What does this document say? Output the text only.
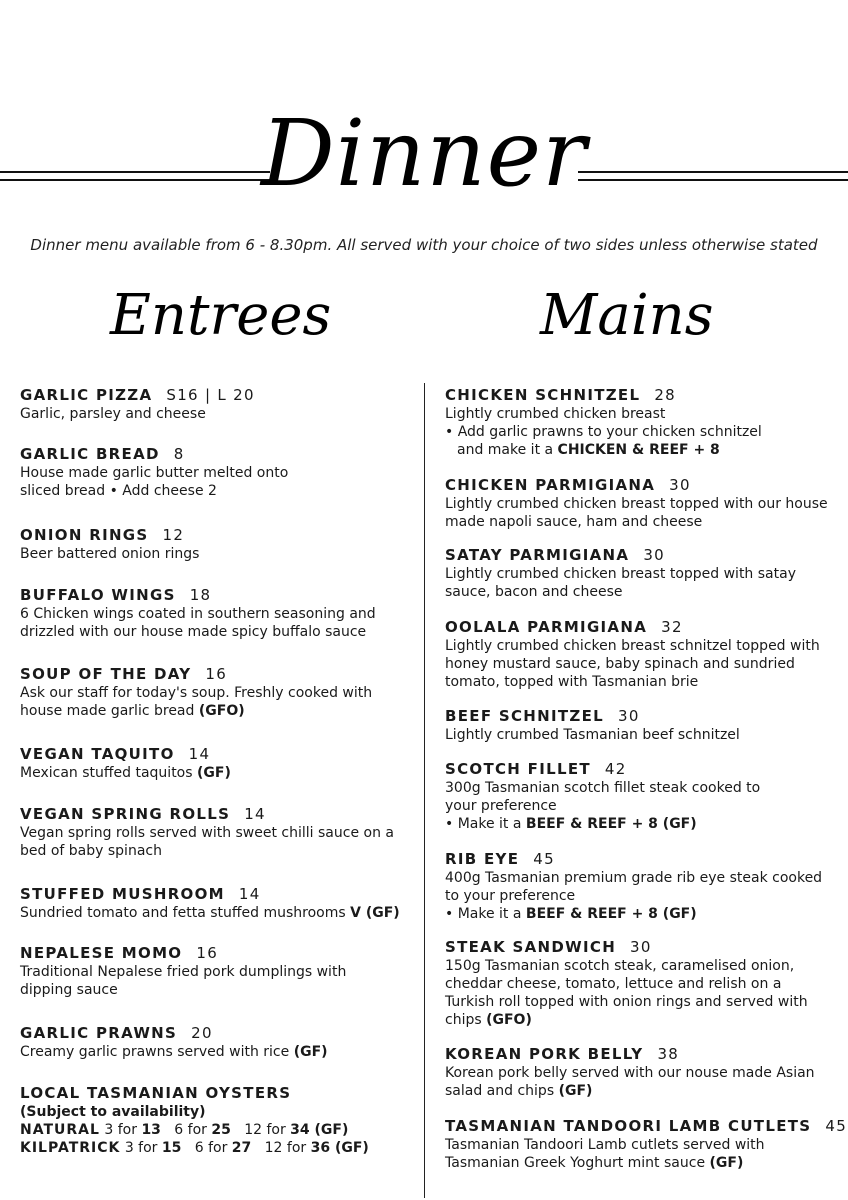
Dinner
Dinner menu available from 6 - 8.30pm. All served with your choice of two sides unless otherwise stated
Entrees	Mains
GARLIC PIZZA S16 | L 20
Garlic, parsley and cheese
GARLIC BREAD 8
House made garlic butter melted onto
sliced bread • Add cheese 2
ONION RINGS 12
Beer battered onion rings
BUFFALO WINGS 18
6 Chicken wings coated in southern seasoning and
drizzled with our house made spicy buffalo sauce
SOUP OF THE DAY 16
Ask our staff for today's soup. Freshly cooked with
house made garlic bread (GFO)
VEGAN TAQUITO 14
Mexican stuffed taquitos (GF)
VEGAN SPRING ROLLS 14
Vegan spring rolls served with sweet chilli sauce on a
bed of baby spinach
STUFFED MUSHROOM 14
Sundried tomato and fetta stuffed mushrooms V (GF)
NEPALESE MOMO 16
Traditional Nepalese fried pork dumplings with
dipping sauce
GARLIC PRAWNS 20
Creamy garlic prawns served with rice (GF)
LOCAL TASMANIAN OYSTERS
(Subject to availability)
NATURAL 3 for 13 6 for 25 12 for 34 (GF)
KILPATRICK 3 for 15 6 for 27 12 for 36 (GF)
CHICKEN SCHNITZEL 28
Lightly crumbed chicken breast
• Add garlic prawns to your chicken schnitzel
and make it a CHICKEN & REEF + 8
CHICKEN PARMIGIANA 30
Lightly crumbed chicken breast topped with our house
made napoli sauce, ham and cheese
SATAY PARMIGIANA 30
Lightly crumbed chicken breast topped with satay
sauce, bacon and cheese
OOLALA PARMIGIANA 32
Lightly crumbed chicken breast schnitzel topped with
honey mustard sauce, baby spinach and sundried
tomato, topped with Tasmanian brie
BEEF SCHNITZEL 30
Lightly crumbed Tasmanian beef schnitzel
SCOTCH FILLET 42
300g Tasmanian scotch fillet steak cooked to
your preference
• Make it a BEEF & REEF + 8 (GF)
RIB EYE 45
400g Tasmanian premium grade rib eye steak cooked
to your preference
• Make it a BEEF & REEF + 8 (GF)
STEAK SANDWICH 30
150g Tasmanian scotch steak, caramelised onion,
cheddar cheese, tomato, lettuce and relish on a
Turkish roll topped with onion rings and served with
chips (GFO)
KOREAN PORK BELLY 38
Korean pork belly served with our nouse made Asian
salad and chips (GF)
TASMANIAN TANDOORI LAMB CUTLETS 45
Tasmanian Tandoori Lamb cutlets served with
Tasmanian Greek Yoghurt mint sauce (GF)
